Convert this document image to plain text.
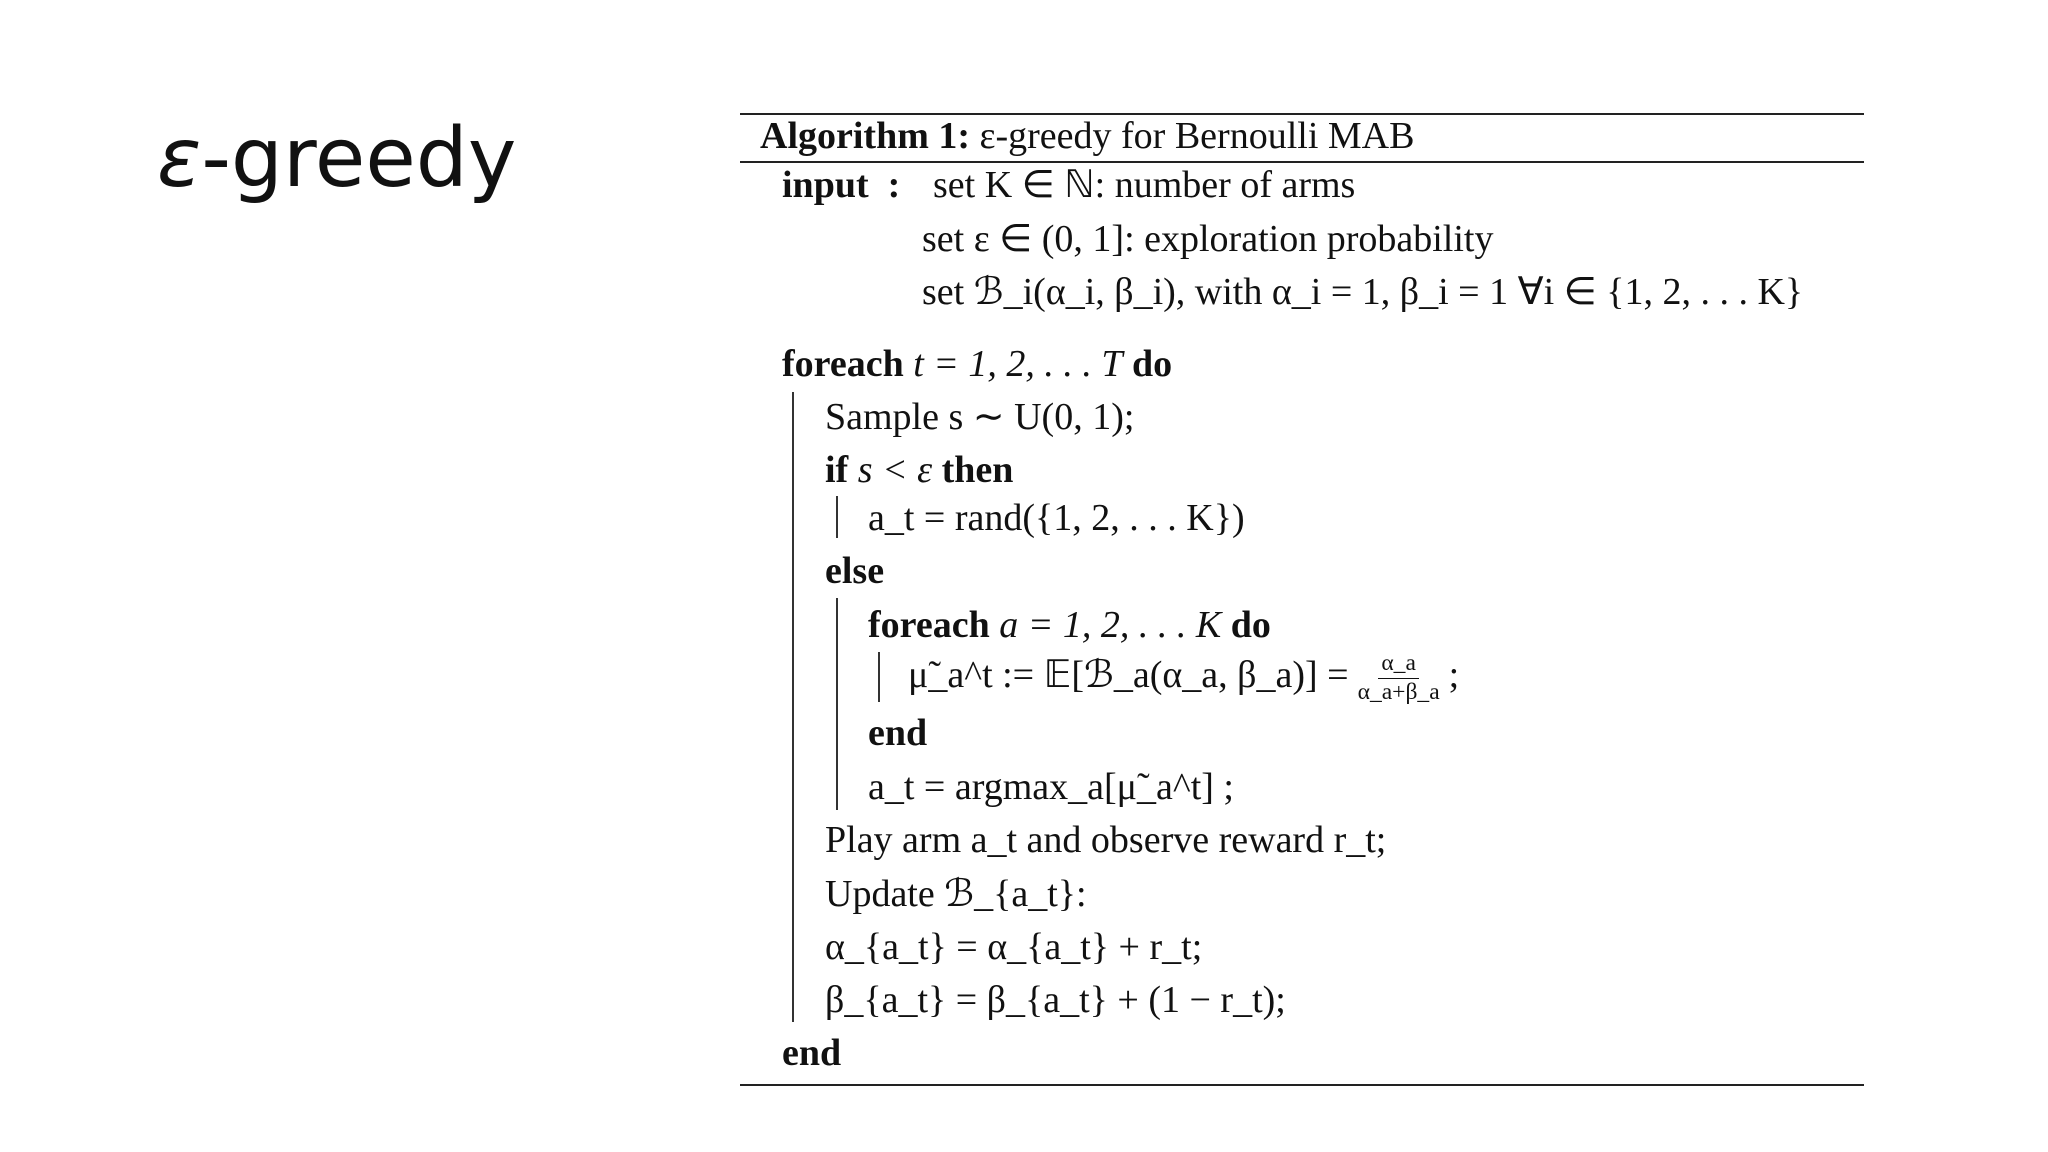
ε-greedy	Algorithm 1: ε-greedy for Bernoulli MAB
input : set K ∈ ℕ: number of arms
set ε ∈ (0, 1]: exploration probability
set ℬ_i(α_i, β_i), with α_i = 1, β_i = 1 ∀i ∈ {1, 2, . . . K}
foreach t = 1, 2, . . . T do
Sample s ∼ U(0, 1);
if s < ε then
a_t = rand({1, 2, . . . K})
else
foreach a = 1, 2, . . . K do
μ̃_a^t := 𝔼[ℬ_a(α_a, β_a)] = $\frac{\alpha\_a}{\alpha\_a+\beta\_a}$ ;
end
a_t = argmax_a[μ̃_a^t] ;
Play arm a_t and observe reward r_t;
Update ℬ_{a_t}:
α_{a_t} = α_{a_t} + r_t;
β_{a_t} = β_{a_t} + (1 − r_t);
end
